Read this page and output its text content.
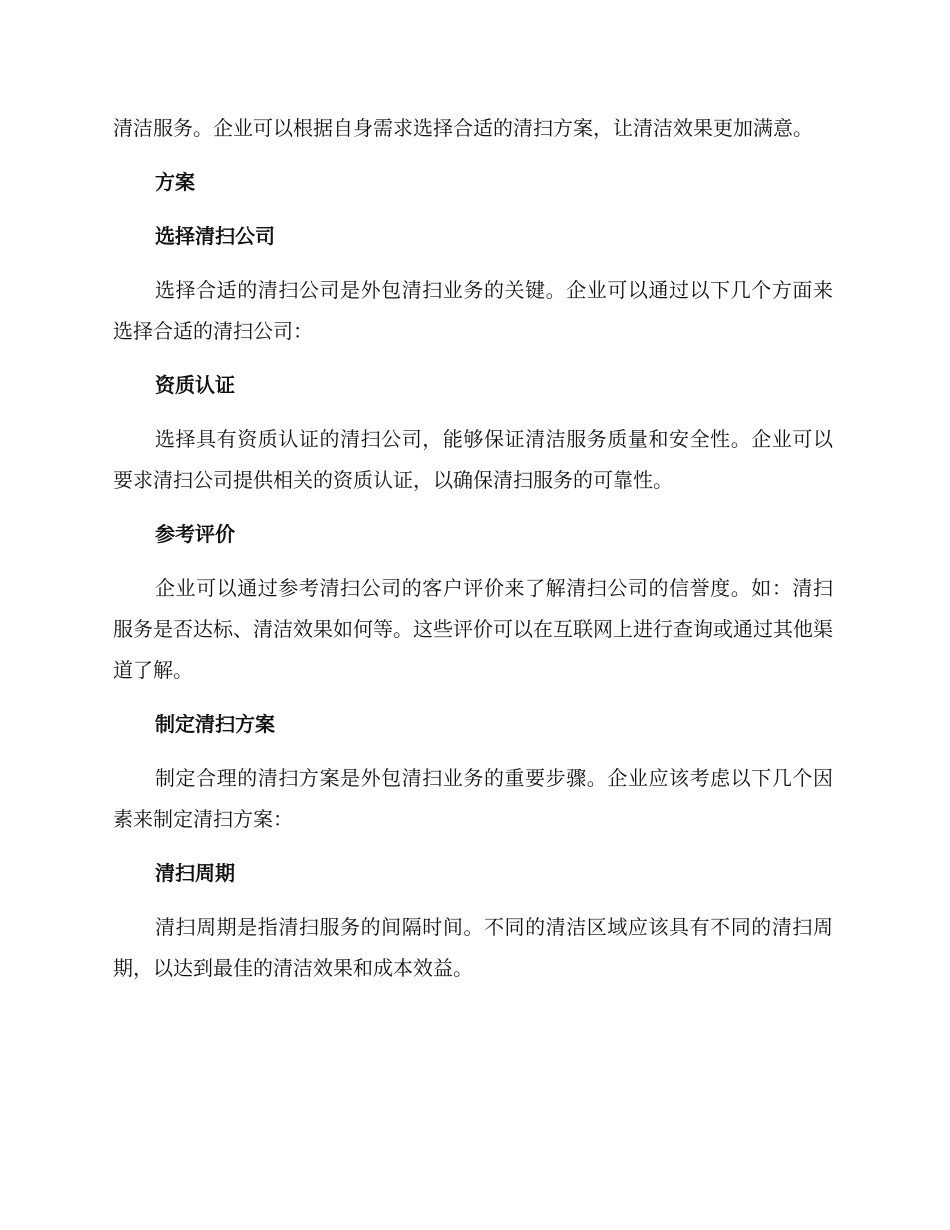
清洁服务。企业可以根据自身需求选择合适的清扫方案，让清洁效果更加满意。

方案
选择清扫公司

选择合适的清扫公司是外包清扫业务的关键。企业可以通过以下几个方面来选择合适的清扫公司：

资质认证

选择具有资质认证的清扫公司，能够保证清洁服务质量和安全性。企业可以要求清扫公司提供相关的资质认证，以确保清扫服务的可靠性。

参考评价

企业可以通过参考清扫公司的客户评价来了解清扫公司的信誉度。如：清扫服务是否达标、清洁效果如何等。这些评价可以在互联网上进行查询或通过其他渠道了解。

制定清扫方案

制定合理的清扫方案是外包清扫业务的重要步骤。企业应该考虑以下几个因素来制定清扫方案：

清扫周期

清扫周期是指清扫服务的间隔时间。不同的清洁区域应该具有不同的清扫周期，以达到最佳的清洁效果和成本效益。
